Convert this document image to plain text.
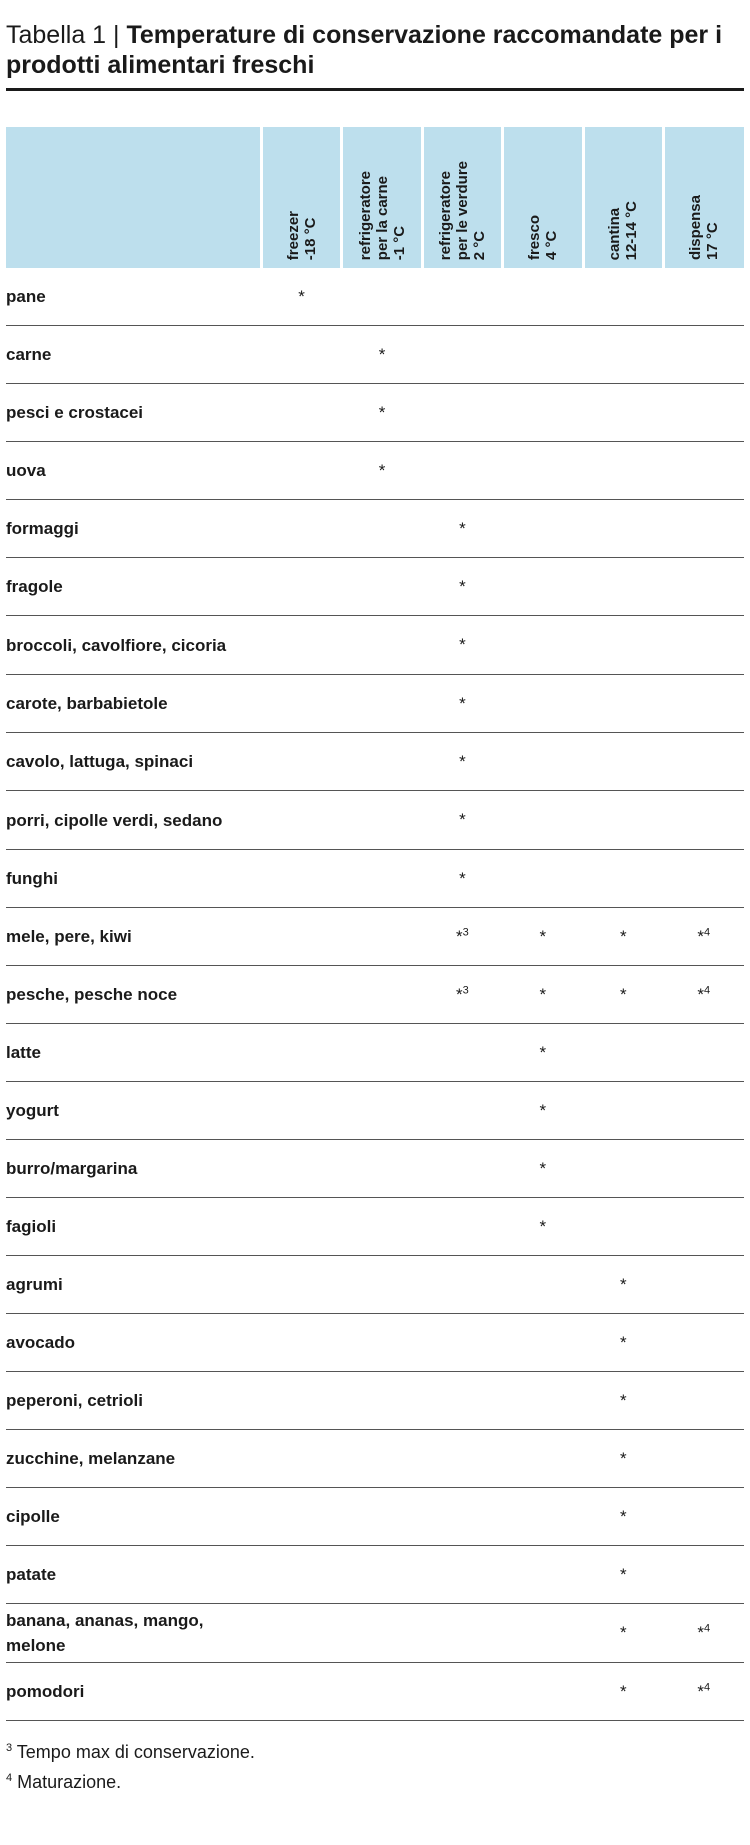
Tabella 1 | Temperature di conservazione raccomandate per i prodotti alimentari freschi

	freezer -18 °C	refrigeratore per la carne -1 °C	refrigeratore per le verdure 2 °C	fresco 4 °C	cantina 12-14 °C	dispensa 17 °C

pane	*					
carne		*				
pesci e crostacei		*				
uova		*				
formaggi			*			
fragole			*			
broccoli, cavolfiore, cicoria			*			
carote, barbabietole			*			
cavolo, lattuga, spinaci			*			
porri, cipolle verdi, sedano			*			
funghi			*			
mele, pere, kiwi			*$^3$	*	*	*$^4$
pesche, pesche noce			*$^3$	*	*	*$^4$
latte				*		
yogurt				*		
burro/margarina				*		
fagioli				*		
agrumi					*	
avocado					*	
peperoni, cetrioli					*	
zucchine, melanzane					*	
cipolle					*	
patate					*	
banana, ananas, mango, melone					*	*$^4$
pomodori					*	*$^4$
$^3$ Tempo max di conservazione.
$^4$ Maturazione.
